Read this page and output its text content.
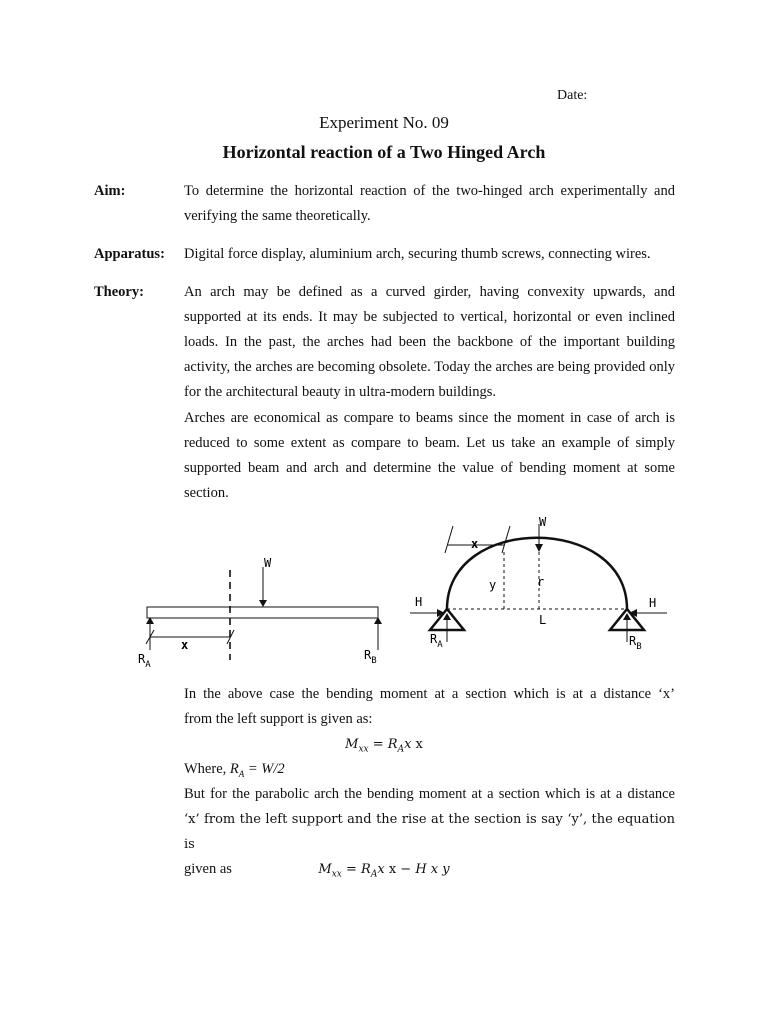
Date:
Experiment No. 09
Horizontal reaction of a Two Hinged Arch
Aim:	To determine the horizontal reaction of the two-hinged arch experimentally and verifying the same theoretically.
Apparatus: Digital force display, aluminium arch, securing thumb screws, connecting wires.
Theory:	An arch may be defined as a curved girder, having convexity upwards, and supported at its ends. It may be subjected to vertical, horizontal or even inclined loads. In the past, the arches had been the backbone of the important building activity, the arches are becoming obsolete. Today the arches are being provided only for the architectural beauty in ultra-modern buildings.
Arches are economical as compare to beams since the moment in case of arch is reduced to some extent as compare to beam. Let us take an example of simply supported beam and arch and determine the value of bending moment at some section.
W
x
$R_A$
$R_B$
W
x
y	r
H	H
L
$R_A$	$R_B$
In the above case the bending moment at a section which is at a distance ‘x’
from the left support is given as:
$M_{xx} = R_Ax$ x
Where, $R_A = W/2$
But for the parabolic arch the bending moment at a section which is at a distance
‘x’ from the left support and the rise at the section is say ‘y’, the equation is
given as	$M_{xx} = R_Ax$ x − H x y
